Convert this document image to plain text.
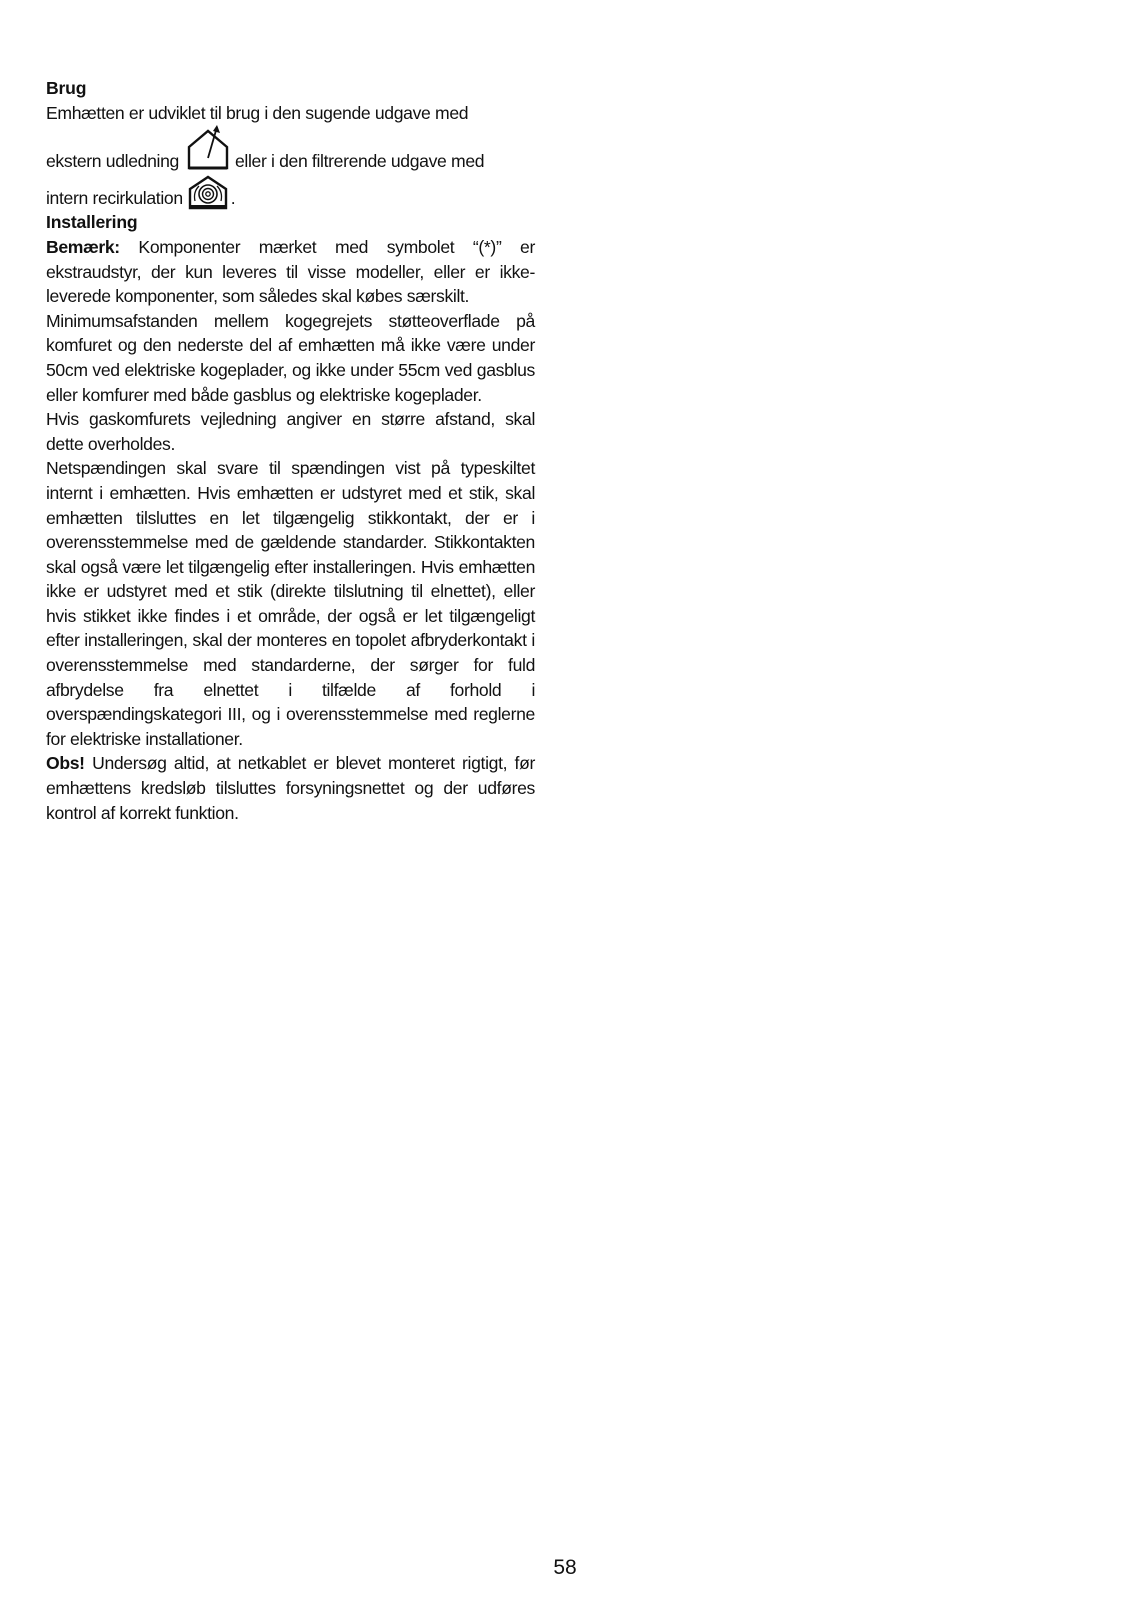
Brug

Emhætten er udviklet til brug i den sugende udgave med

ekstern udledning	eller i den filtrerende udgave med

intern recirkulation	.

Installering

Bemærk: Komponenter mærket med symbolet “(*)” er ekstraudstyr, der kun leveres til visse modeller, eller er ikke-leverede komponenter, som således skal købes særskilt.

Minimumsafstanden mellem kogegrejets støtteoverflade på komfuret og den nederste del af emhætten må ikke være under 50cm ved elektriske kogeplader, og ikke under 55cm ved gasblus eller komfurer med både gasblus og elektriske kogeplader.

Hvis gaskomfurets vejledning angiver en større afstand, skal dette overholdes.

Netspændingen skal svare til spændingen vist på typeskiltet internt i emhætten. Hvis emhætten er udstyret med et stik, skal emhætten tilsluttes en let tilgængelig stikkontakt, der er i overensstemmelse med de gældende standarder. Stikkontakten skal også være let tilgængelig efter installeringen. Hvis emhætten ikke er udstyret med et stik (direkte tilslutning til elnettet), eller hvis stikket ikke findes i et område, der også er let tilgængeligt efter installeringen, skal der monteres en topolet afbryderkontakt i overensstemmelse med standarderne, der sørger for fuld afbrydelse fra elnettet i tilfælde af forhold i overspændingskategori III, og i overensstemmelse med reglerne for elektriske installationer.

Obs! Undersøg altid, at netkablet er blevet monteret rigtigt, før emhættens kredsløb tilsluttes forsyningsnettet og der udføres kontrol af korrekt funktion.

58
